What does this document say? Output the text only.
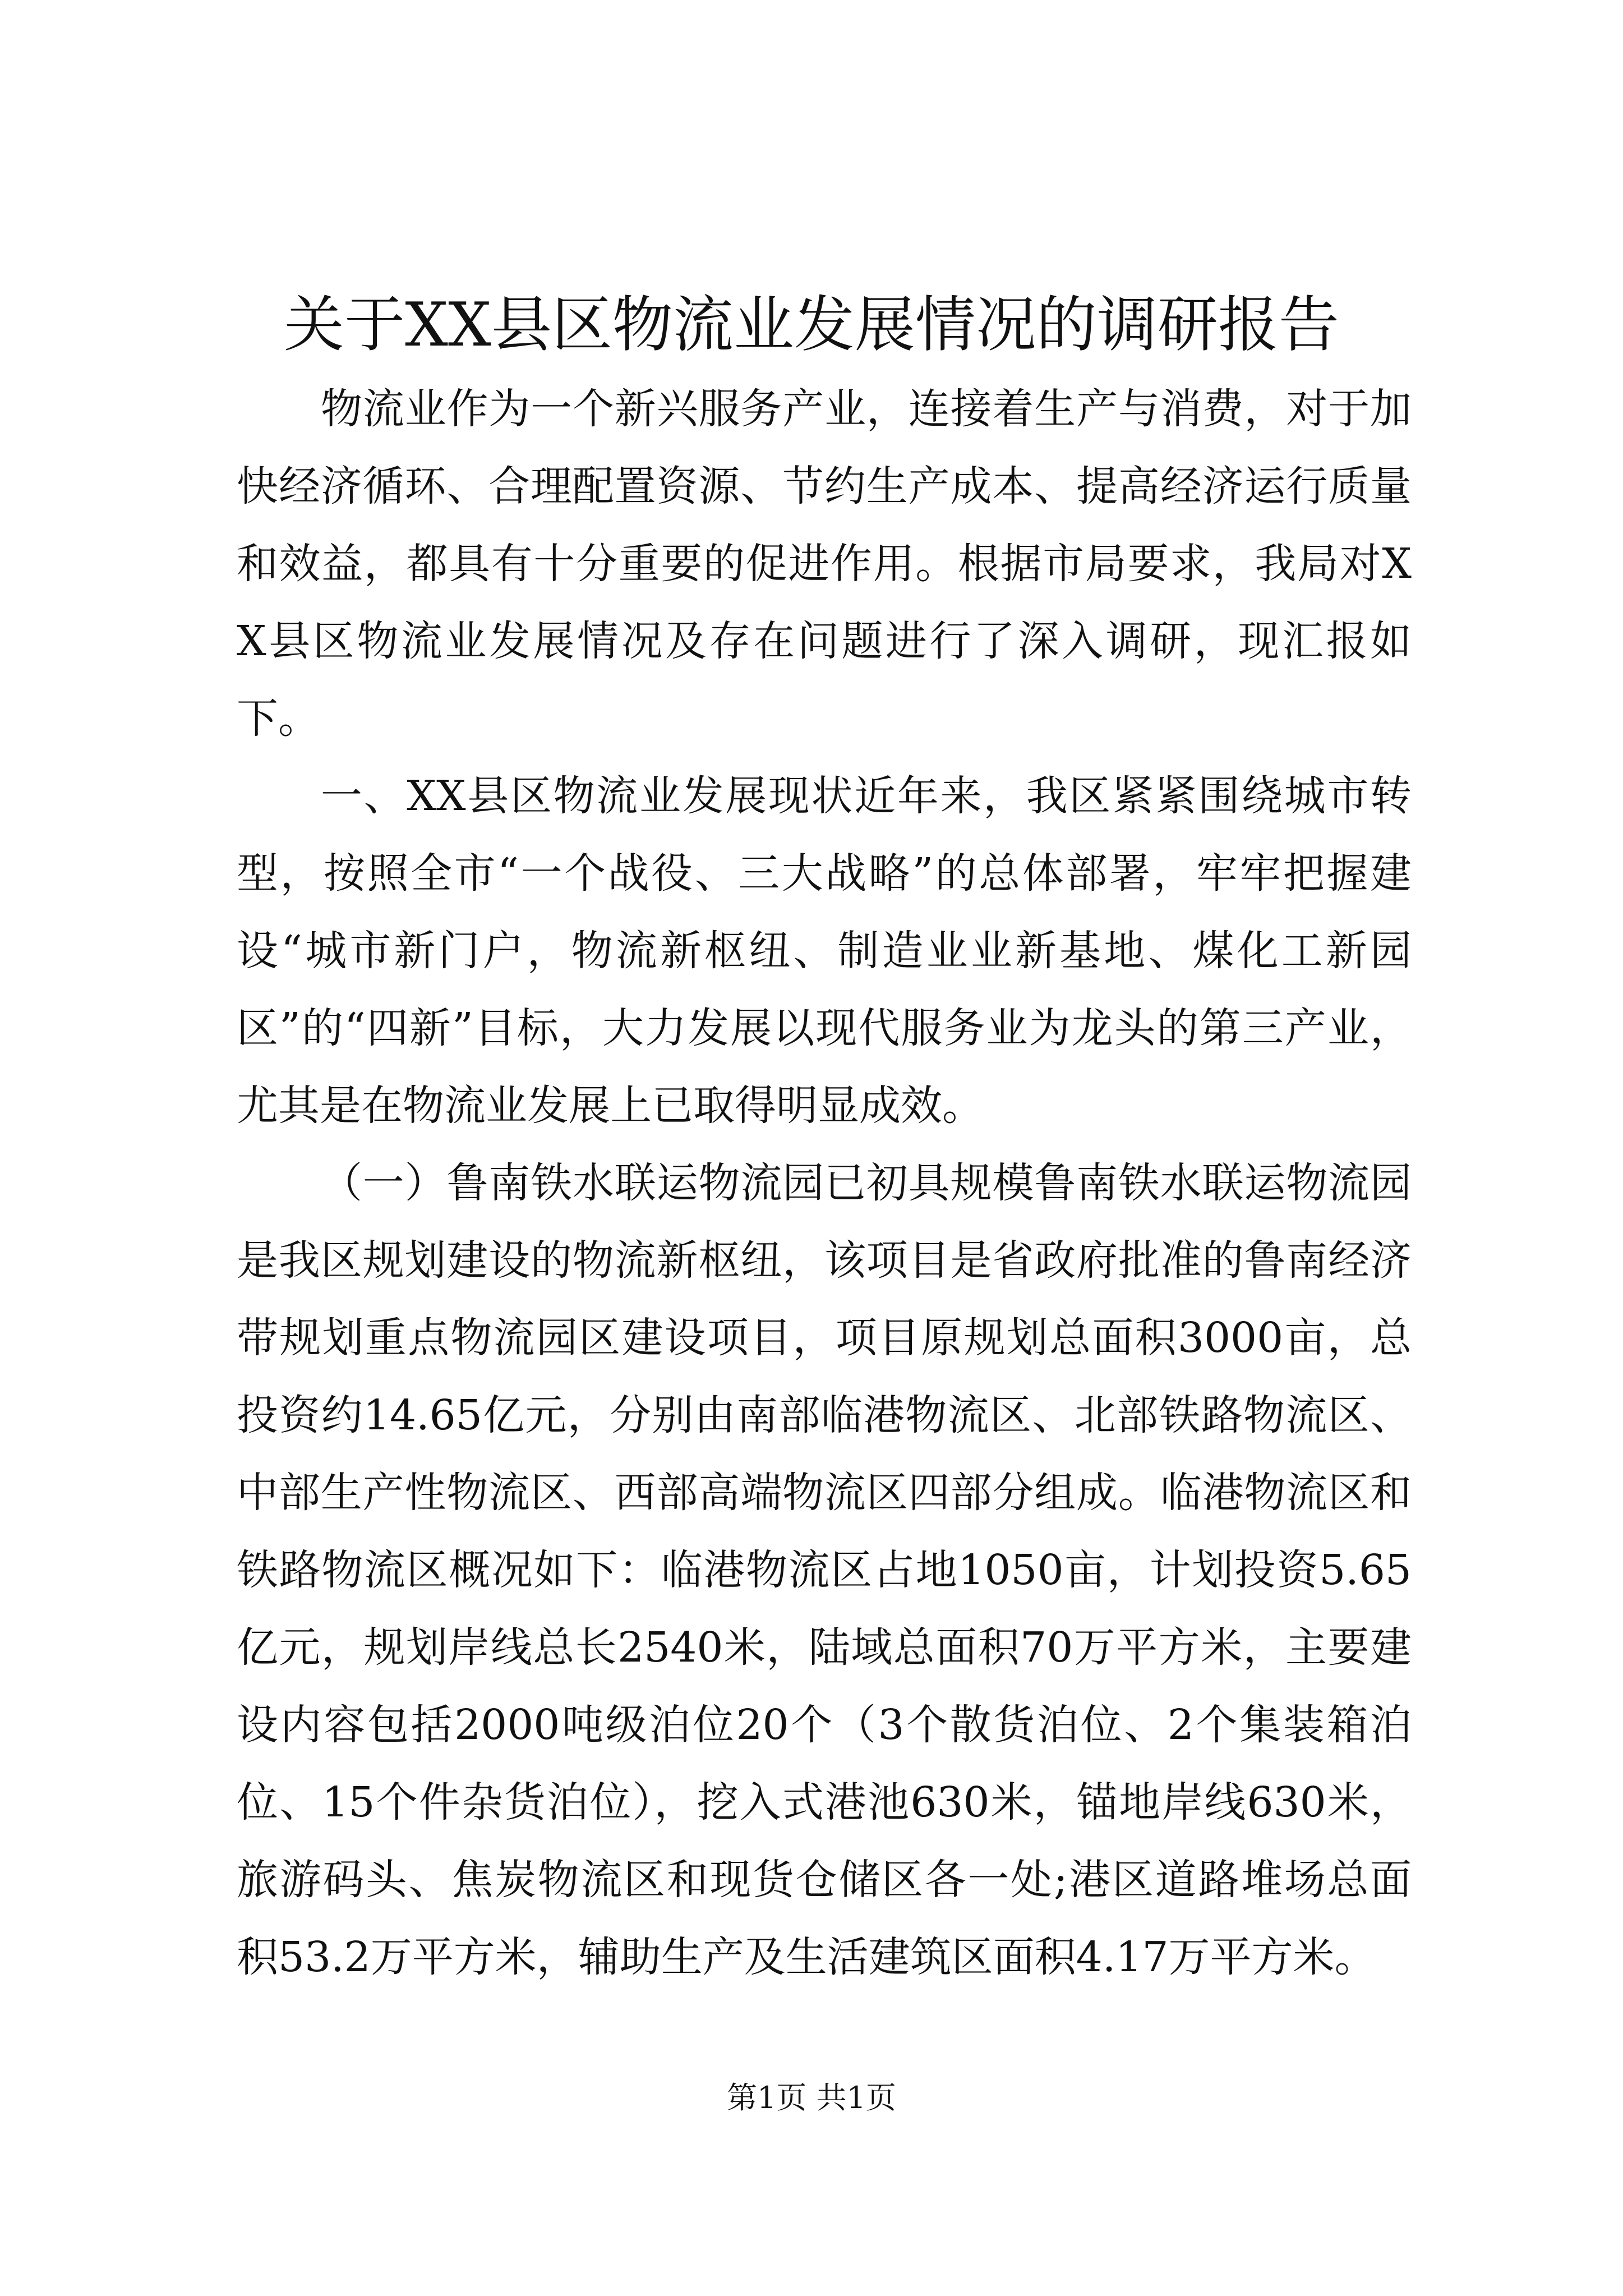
关于XX县区物流业发展情况的调研报告

物流业作为一个新兴服务产业，连接着生产与消费，对于加快经济循环、合理配置资源、节约生产成本、提高经济运行质量和效益，都具有十分重要的促进作用。根据市局要求，我局对XX县区物流业发展情况及存在问题进行了深入调研，现汇报如下。

一、XX县区物流业发展现状近年来，我区紧紧围绕城市转型，按照全市“一个战役、三大战略”的总体部署，牢牢把握建设“城市新门户，物流新枢纽、制造业业新基地、煤化工新园区”的“四新”目标，大力发展以现代服务业为龙头的第三产业，尤其是在物流业发展上已取得明显成效。

（一）鲁南铁水联运物流园已初具规模鲁南铁水联运物流园是我区规划建设的物流新枢纽，该项目是省政府批准的鲁南经济带规划重点物流园区建设项目，项目原规划总面积3000亩，总投资约14.65亿元，分别由南部临港物流区、北部铁路物流区、中部生产性物流区、西部高端物流区四部分组成。临港物流区和铁路物流区概况如下：临港物流区占地1050亩，计划投资5.65亿元，规划岸线总长2540米，陆域总面积70万平方米，主要建设内容包括2000吨级泊位20个（3个散货泊位、2个集装箱泊位、15个件杂货泊位），挖入式港池630米，锚地岸线630米，旅游码头、焦炭物流区和现货仓储区各一处;港区道路堆场总面积53.2万平方米，辅助生产及生活建筑区面积4.17万平方米。

第1页 共1页
